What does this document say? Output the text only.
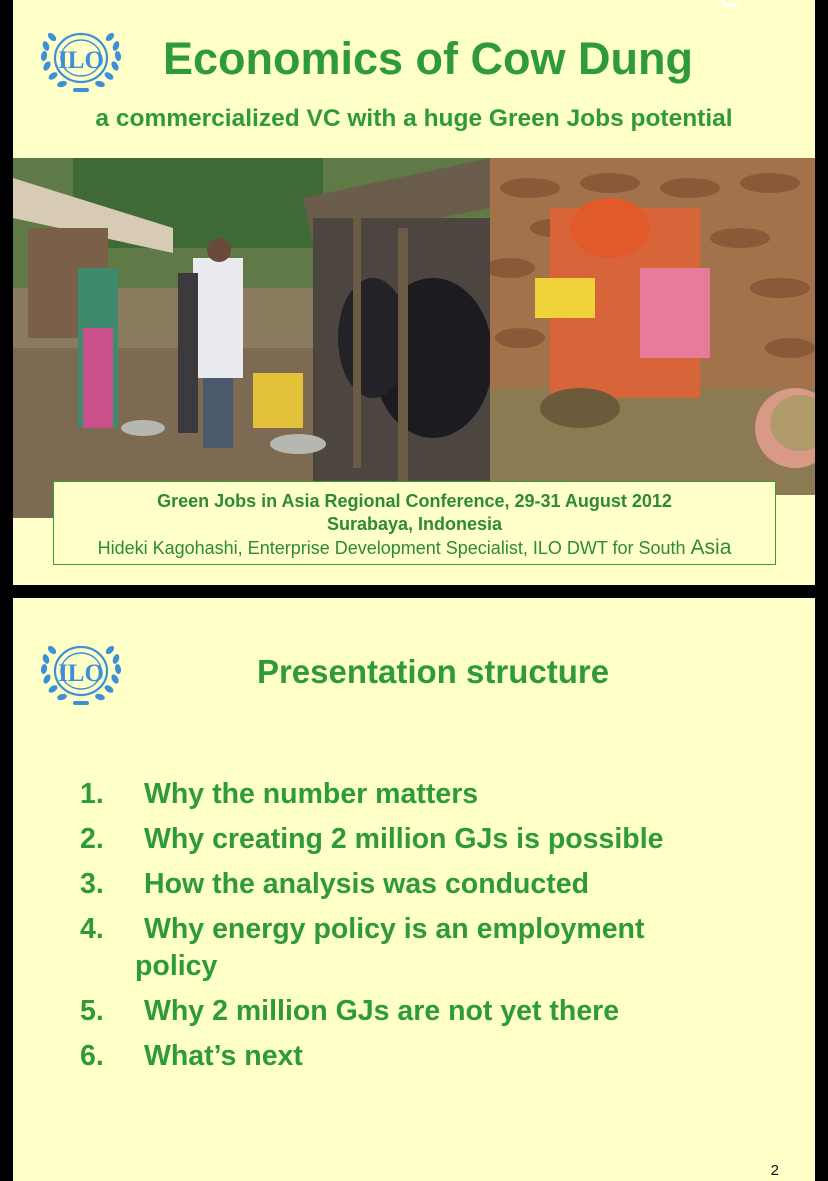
Economics of Cow Dung
a commercialized VC with a huge Green Jobs potential
Green Jobs in Asia Regional Conference, 29-31 August 2012
Surabaya, Indonesia
Hideki Kagohashi, Enterprise Development Specialist, ILO DWT for South Asia
Presentation structure
1. Why the number matters
2. Why creating 2 million GJs is possible
3. How the analysis was conducted
4. Why energy policy is an employment
policy
5. Why 2 million GJs are not yet there
6. What’s next
2
